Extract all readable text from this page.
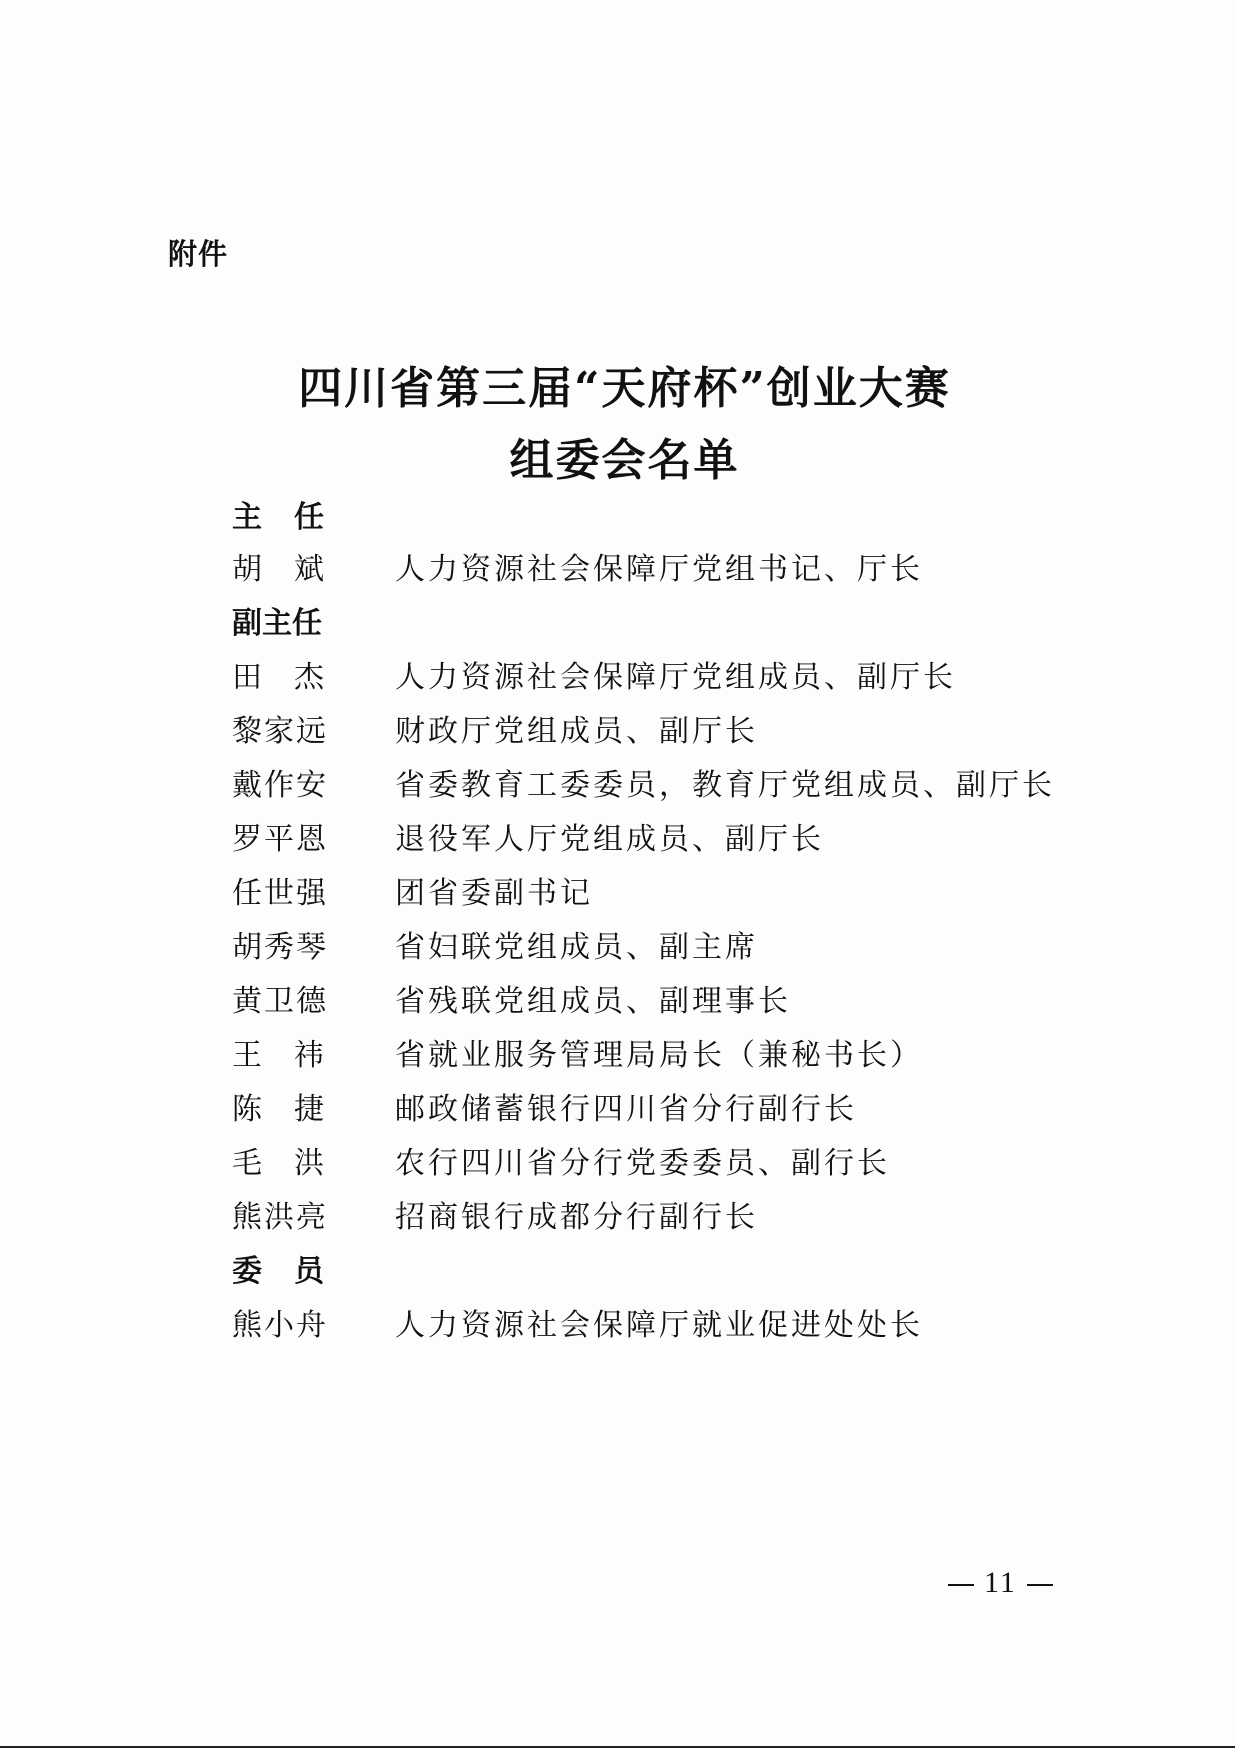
附件
四川省第三届“天府杯”创业大赛
组委会名单
主任
胡斌 人力资源社会保障厅党组书记、厅长
副主任
田杰 人力资源社会保障厅党组成员、副厅长
黎家远	财政厅党组成员、副厅长
戴作安	省委教育工委委员，教育厅党组成员、副厅长
罗平恩	退役军人厅党组成员、副厅长
任世强	团省委副书记
胡秀琴	省妇联党组成员、副主席
黄卫德	省残联党组成员、副理事长
王祎 省就业服务管理局局长（兼秘书长）
陈捷 邮政储蓄银行四川省分行副行长
毛洪 农行四川省分行党委委员、副行长
熊洪亮	招商银行成都分行副行长
委员
熊小舟	人力资源社会保障厅就业促进处处长
11
